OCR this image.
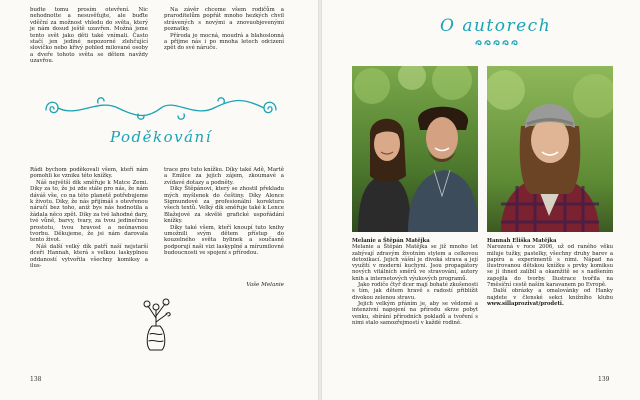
budte tomu prosím otevření. Nic nehodnotte a nesuvěťujte, ale buďte vděční za možnost vhledu do světa, který je nám dosud ještě uzavřen. Možná jsme tento svět jako děti také vnímali. Často stačí jen jediné nepozorné zlehčující slovíčko nebo křivý pohled milované osoby a dveře tohoto světa se dětem navždy uzavřou.

Na závěr chceme všem rodičům a praroditelům popřát mnoho hezkých chvil strávených s novými a znovuobjevenými poznatky.

Příroda je mocná, moudrá a blahoslonná a přijme nás i po mnoha letech odcizení zpět do své náruče.

Poděkování

Rádi bychom poděkovali všem, kteří nám pomohli ke vzniku této knížky.

Náš největší dík směřuje k Matce Zemi. Díky za to, že jsi zde stále pro nás, že nám dáváš vše, co na této planetě potřebujeme k životu. Díky, že nás přijímáš s otevřenou náručí bez toho, aniž bys nás hodnotila a žádala něco zpět. Díky za tvé lahodné dary, tvé vůně, barvy, tvary, za tvou jedinečnou prostotu, tvou hravost a neúnavnou tvorbu. Děkujeme, že jsi nám darovala tento život.

Náš další velký dík patří naší nejstarší dceři Hannah, která s velkou laskyplnou oddaností vytvořila všechny komiksy a ilus-

trace pro tuto knížku. Díky také Adě, Martě a Emilce za jejich zájem, zkoumavé a zvídavé dotazy a podněty.

Díky Štěpánovi, který se zhostil překladu mých myšlenek do češtiny. Díky Alence Sigmundové za profesionální korekturu všech textů. Velký dík směřuje také k Lence Blažejové za skvělé grafické uspořádání knížky.

Díky také všem, kteří knoupí tuto knihy umožnili svým dětem přístup do kouzelného světa bylinek a současně podporují naši vizi laskyplné a mírumilovné budoucnosti ve spojení s přírodou.

Vaše Melanie
138
O autorech

Melanie a Štěpán Matějka

Melanie a Štěpán Matějka se již mnoho let zabývají zdravým životním stylem a celkovou detoxikací. Jejich vášní je divoká strava a její využití v moderní kuchyni. Jsou propagátory nových vitálních směrů ve stravování, autory knih a internetových výukových programů.

Jako rodiče čtyř dcer mají bohaté zkušenosti s tím, jak dětem hravě s radostí přiblížit divokou zelenou stravu.

Jejich velkým přáním je, aby se vědomé a intenzivní napojení na přírodu skrze pobyt venku, sbírání přírodních pokladů a tvoření s nimi stalo samozřejmostí v každé rodině.

Hannah Eliška Matějka

Narozená v roce 2006, už od raného věku miluje tužky, pastelky, všechny druhy barev a papíru a experimentů s nimi. Nápad na ilustrovanou dětskou knížku s prvky komiksu se jí ihned zalíbil a okamžitě se s nadšením zapojila do tvorby. Ilustrace tvořila na 7měsíční cestě naším karavanem po Evropě.

Další obrázky a omalovánky od Hanky najdete v členské sekci knižního klubu www.sillaprozivat/prodeti.

139
